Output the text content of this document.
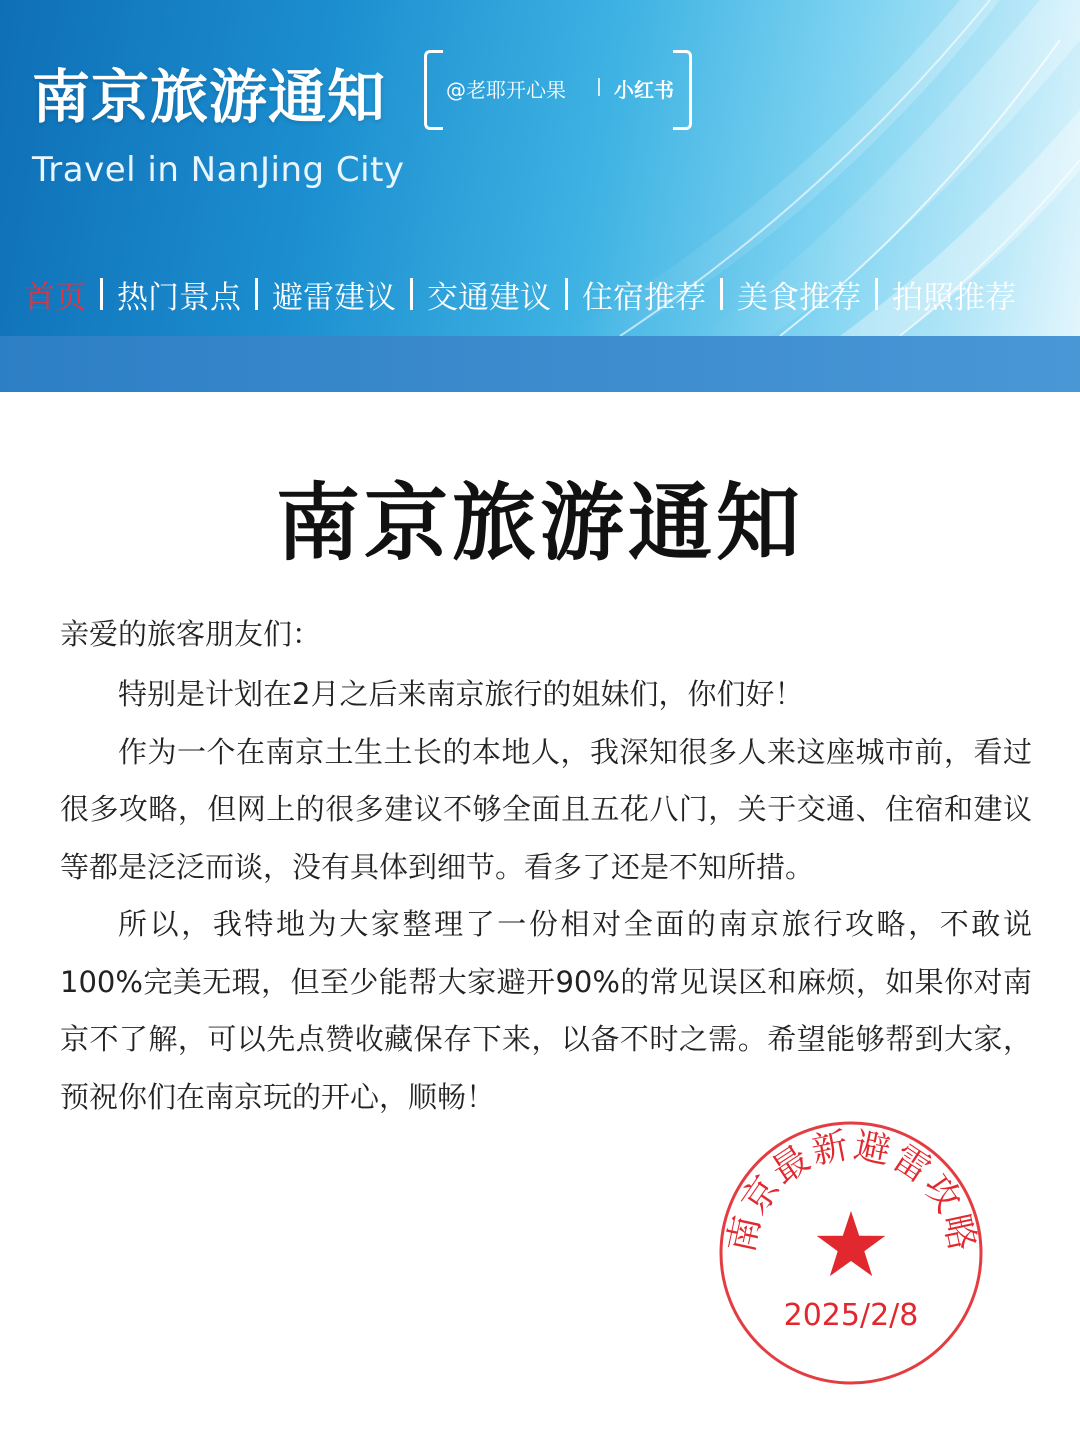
南京旅游通知
Travel in NanJing City
@老耶开心果 小红书
首页 热门景点 避雷建议 交通建议 住宿推荐 美食推荐 拍照推荐
南京旅游通知
亲爱的旅客朋友们：

特别是计划在2月之后来南京旅行的姐妹们，你们好！

作为一个在南京土生土长的本地人，我深知很多人来这座城市前，看过很多攻略，但网上的很多建议不够全面且五花八门，关于交通、住宿和建议等都是泛泛而谈，没有具体到细节。看多了还是不知所措。

所以，我特地为大家整理了一份相对全面的南京旅行攻略，不敢说100%完美无瑕，但至少能帮大家避开90%的常见误区和麻烦，如果你对南京不了解，可以先点赞收藏保存下来，以备不时之需。希望能够帮到大家，预祝你们在南京玩的开心，顺畅！

南京最新避雷攻略
2025/2/8
